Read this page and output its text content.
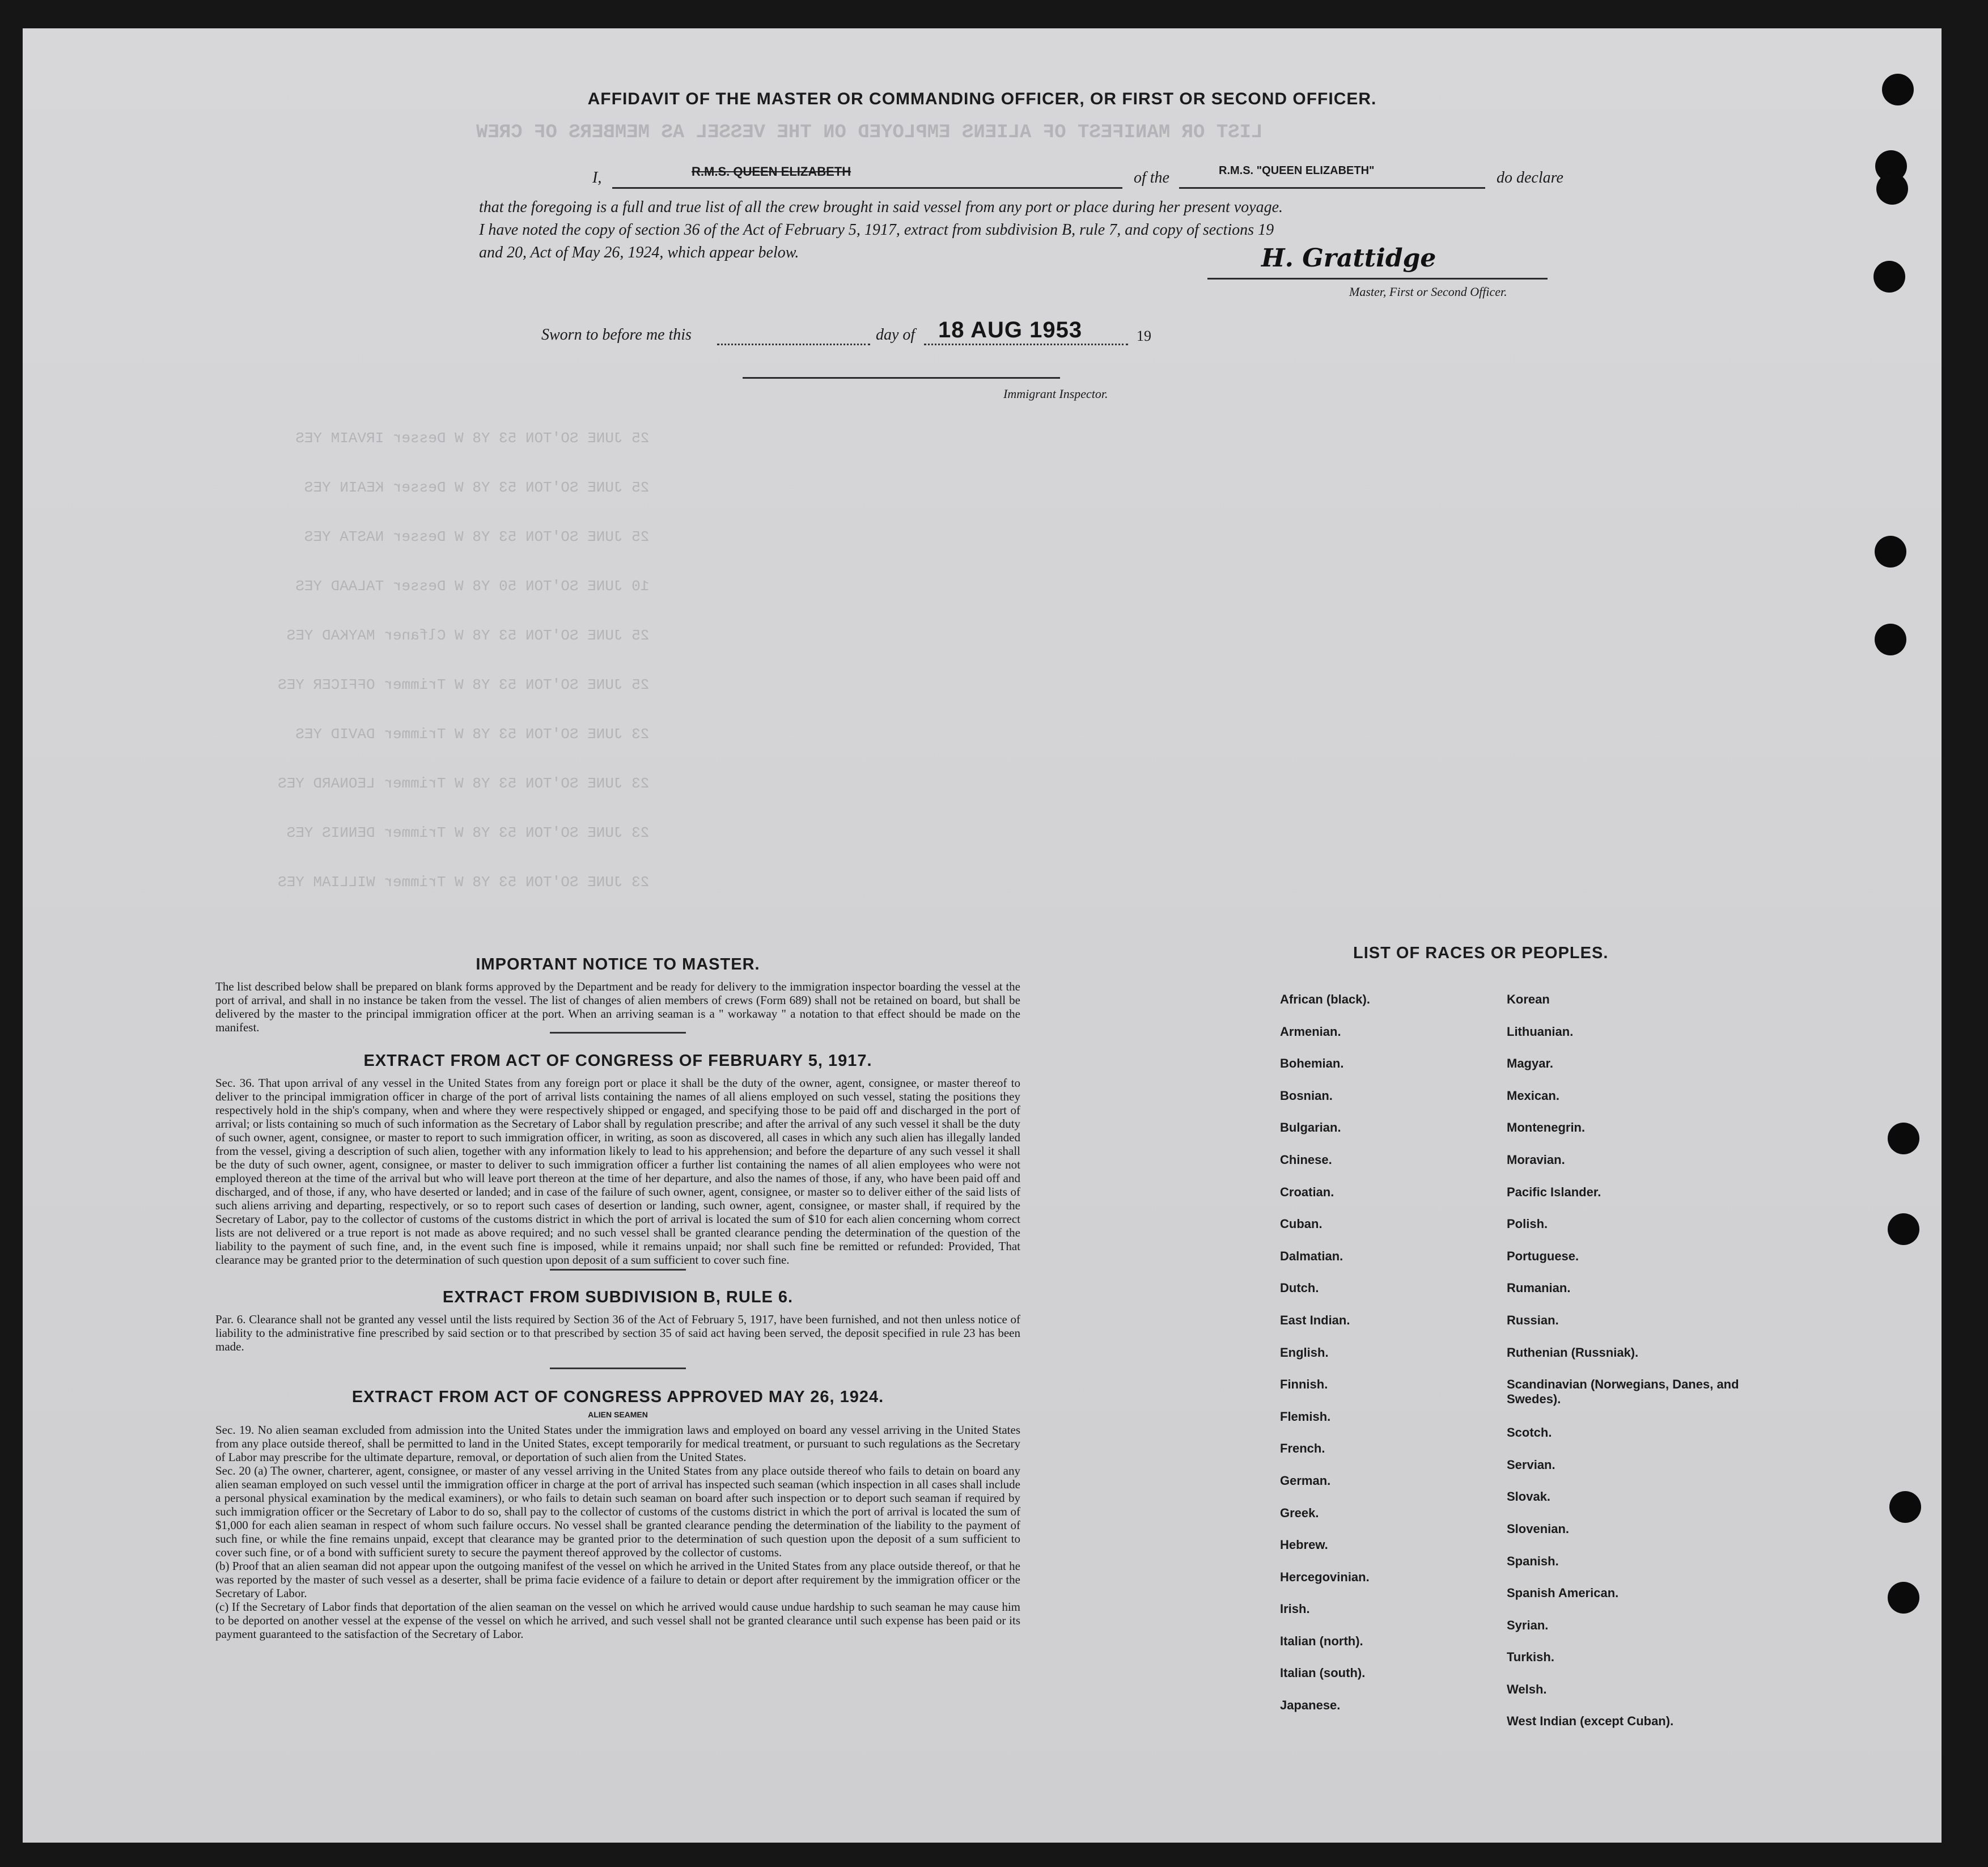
LIST OR MANIFEST OF ALIENS EMPLOYED ON THE VESSEL AS MEMBERS OF CREW
25 JUNE SO'TON 53 Y8 W Desser IRVAIM YES
25 JUNE SO'TON 53 Y8 W Desser KEAIN YES
25 JUNE SO'TON 53 Y8 W Desser NASTA YES
10 JUNE SO'TON 50 Y8 W Desser TALAAD YES
25 JUNE SO'TON 53 Y8 W Clfaner MAYKAD YES
25 JUNE SO'TON 53 Y8 W Trimmer OFFICER YES
23 JUNE SO'TON 53 Y8 W Trimmer DAVID YES
23 JUNE SO'TON 53 Y8 W Trimmer LEONARD YES
23 JUNE SO'TON 53 Y8 W Trimmer DENNIS YES
23 JUNE SO'TON 53 Y8 W Trimmer WILLIAM YES
AFFIDAVIT OF THE MASTER OR COMMANDING OFFICER, OR FIRST OR SECOND OFFICER.
I,	R.M.S. QUEEN ELIZABETH	of the	R.M.S. "QUEEN ELIZABETH"	do declare
that the foregoing is a full and true list of all the crew brought in said vessel from any port or place during her present voyage.
I have noted the copy of section 36 of the Act of February 5, 1917, extract from subdivision B, rule 7, and copy of sections 19
and 20, Act of May 26, 1924, which appear below.	H. Grattidge
Master, First or Second Officer.
Sworn to before me this	day of 18 AUG 1953	19
Immigrant Inspector.
IMPORTANT NOTICE TO MASTER.
The list described below shall be prepared on blank forms approved by the Department and be ready for delivery to the immigration inspector boarding the vessel at the port of arrival, and shall in no instance be taken from the vessel. The list of changes of alien members of crews (Form 689) shall not be retained on board, but shall be delivered by the master to the principal immigration officer at the port. When an arriving seaman is a " workaway " a notation to that effect should be made on the manifest.
EXTRACT FROM ACT OF CONGRESS OF FEBRUARY 5, 1917.
Sec. 36. That upon arrival of any vessel in the United States from any foreign port or place it shall be the duty of the owner, agent, consignee, or master thereof to deliver to the principal immigration officer in charge of the port of arrival lists containing the names of all aliens employed on such vessel, stating the positions they respectively hold in the ship's company, when and where they were respectively shipped or engaged, and specifying those to be paid off and discharged in the port of arrival; or lists containing so much of such information as the Secretary of Labor shall by regulation prescribe; and after the arrival of any such vessel it shall be the duty of such owner, agent, consignee, or master to report to such immigration officer, in writing, as soon as discovered, all cases in which any such alien has illegally landed from the vessel, giving a description of such alien, together with any information likely to lead to his apprehension; and before the departure of any such vessel it shall be the duty of such owner, agent, consignee, or master to deliver to such immigration officer a further list containing the names of all alien employees who were not employed thereon at the time of the arrival but who will leave port thereon at the time of her departure, and also the names of those, if any, who have been paid off and discharged, and of those, if any, who have deserted or landed; and in case of the failure of such owner, agent, consignee, or master so to deliver either of the said lists of such aliens arriving and departing, respectively, or so to report such cases of desertion or landing, such owner, agent, consignee, or master shall, if required by the Secretary of Labor, pay to the collector of customs of the customs district in which the port of arrival is located the sum of $10 for each alien concerning whom correct lists are not delivered or a true report is not made as above required; and no such vessel shall be granted clearance pending the determination of the question of the liability to the payment of such fine, and, in the event such fine is imposed, while it remains unpaid; nor shall such fine be remitted or refunded: Provided, That clearance may be granted prior to the determination of such question upon deposit of a sum sufficient to cover such fine.
EXTRACT FROM SUBDIVISION B, RULE 6.
Par. 6. Clearance shall not be granted any vessel until the lists required by Section 36 of the Act of February 5, 1917, have been furnished, and not then unless notice of liability to the administrative fine prescribed by said section or to that prescribed by section 35 of said act having been served, the deposit specified in rule 23 has been made.
EXTRACT FROM ACT OF CONGRESS APPROVED MAY 26, 1924.
ALIEN SEAMEN
Sec. 19. No alien seaman excluded from admission into the United States under the immigration laws and employed on board any vessel arriving in the United States from any place outside thereof, shall be permitted to land in the United States, except temporarily for medical treatment, or pursuant to such regulations as the Secretary of Labor may prescribe for the ultimate departure, removal, or deportation of such alien from the United States.
Sec. 20 (a) The owner, charterer, agent, consignee, or master of any vessel arriving in the United States from any place outside thereof who fails to detain on board any alien seaman employed on such vessel until the immigration officer in charge at the port of arrival has inspected such seaman (which inspection in all cases shall include a personal physical examination by the medical examiners), or who fails to detain such seaman on board after such inspection or to deport such seaman if required by such immigration officer or the Secretary of Labor to do so, shall pay to the collector of customs of the customs district in which the port of arrival is located the sum of $1,000 for each alien seaman in respect of whom such failure occurs. No vessel shall be granted clearance pending the determination of the liability to the payment of such fine, or while the fine remains unpaid, except that clearance may be granted prior to the determination of such question upon the deposit of a sum sufficient to cover such fine, or of a bond with sufficient surety to secure the payment thereof approved by the collector of customs.
(b) Proof that an alien seaman did not appear upon the outgoing manifest of the vessel on which he arrived in the United States from any place outside thereof, or that he was reported by the master of such vessel as a deserter, shall be prima facie evidence of a failure to detain or deport after requirement by the immigration officer or the Secretary of Labor.
(c) If the Secretary of Labor finds that deportation of the alien seaman on the vessel on which he arrived would cause undue hardship to such seaman he may cause him to be deported on another vessel at the expense of the vessel on which he arrived, and such vessel shall not be granted clearance until such expense has been paid or its payment guaranteed to the satisfaction of the Secretary of Labor.
LIST OF RACES OR PEOPLES.
African (black).
Armenian.
Bohemian.
Bosnian.
Bulgarian.
Chinese.
Croatian.
Cuban.
Dalmatian.
Dutch.
East Indian.
English.
Finnish.
Flemish.
French.
German.
Greek.
Hebrew.
Hercegovinian.
Irish.
Italian (north).
Italian (south).
Japanese.
Korean
Lithuanian.
Magyar.
Mexican.
Montenegrin.
Moravian.
Pacific Islander.
Polish.
Portuguese.
Rumanian.
Russian.
Ruthenian (Russniak).
Scandinavian (Norwegians, Danes, and Swedes).
Scotch.
Servian.
Slovak.
Slovenian.
Spanish.
Spanish American.
Syrian.
Turkish.
Welsh.
West Indian (except Cuban).
